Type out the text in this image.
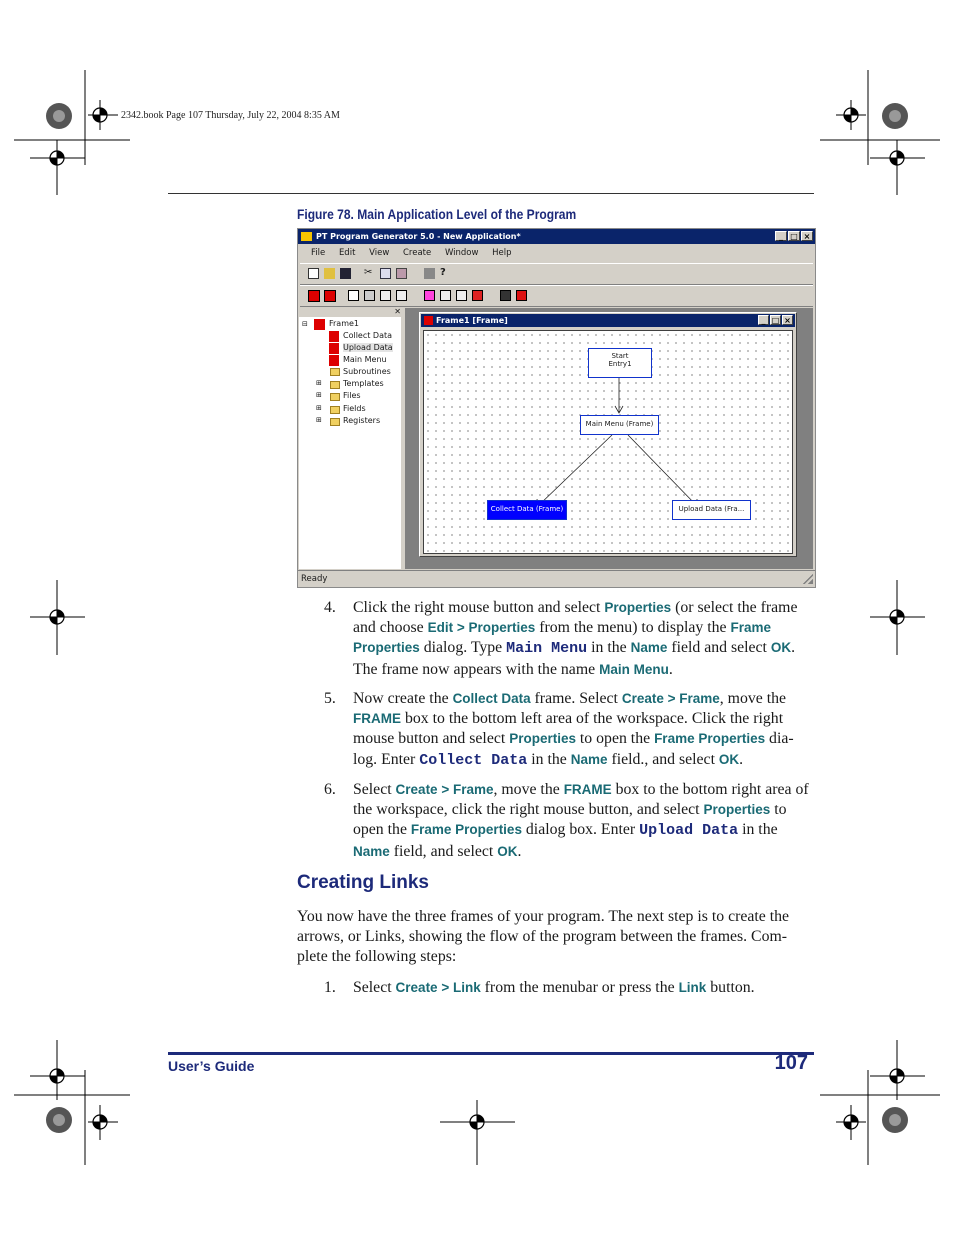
2342.book Page 107 Thursday, July 22, 2004 8:35 AM
Figure 78. Main Application Level of the Program
PT Program Generator 5.0 - New Application*	_ □ ×
File Edit View Create Window Help
✂	?
✕
⊟	Frame1
Collect Data
Upload Data
Main Menu
Subroutines
⊞	Templates
⊞	Files
⊞	Fields
⊞	Registers
Frame1 [Frame]	_ □ ×
Start
Entry1
Main Menu (Frame)
Collect Data (Frame)	Upload Data (Fra...
Ready
4. Click the right mouse button and select Properties (or select the frame and choose Edit > Properties from the menu) to display the Frame Properties dialog. Type Main Menu in the Name field and select OK. The frame now appears with the name Main Menu.
5. Now create the Collect Data frame. Select Create > Frame, move the FRAME box to the bottom left area of the workspace. Click the right mouse button and select Properties to open the Frame Properties dia-log. Enter Collect Data in the Name field., and select OK.
6. Select Create > Frame, move the FRAME box to the bottom right area of the workspace, click the right mouse button, and select Properties to open the Frame Properties dialog box. Enter Upload Data in the Name field, and select OK.
Creating Links
You now have the three frames of your program. The next step is to create the arrows, or Links, showing the flow of the program between the frames. Com-plete the following steps:
1. Select Create > Link from the menubar or press the Link button.
User’s Guide	107
